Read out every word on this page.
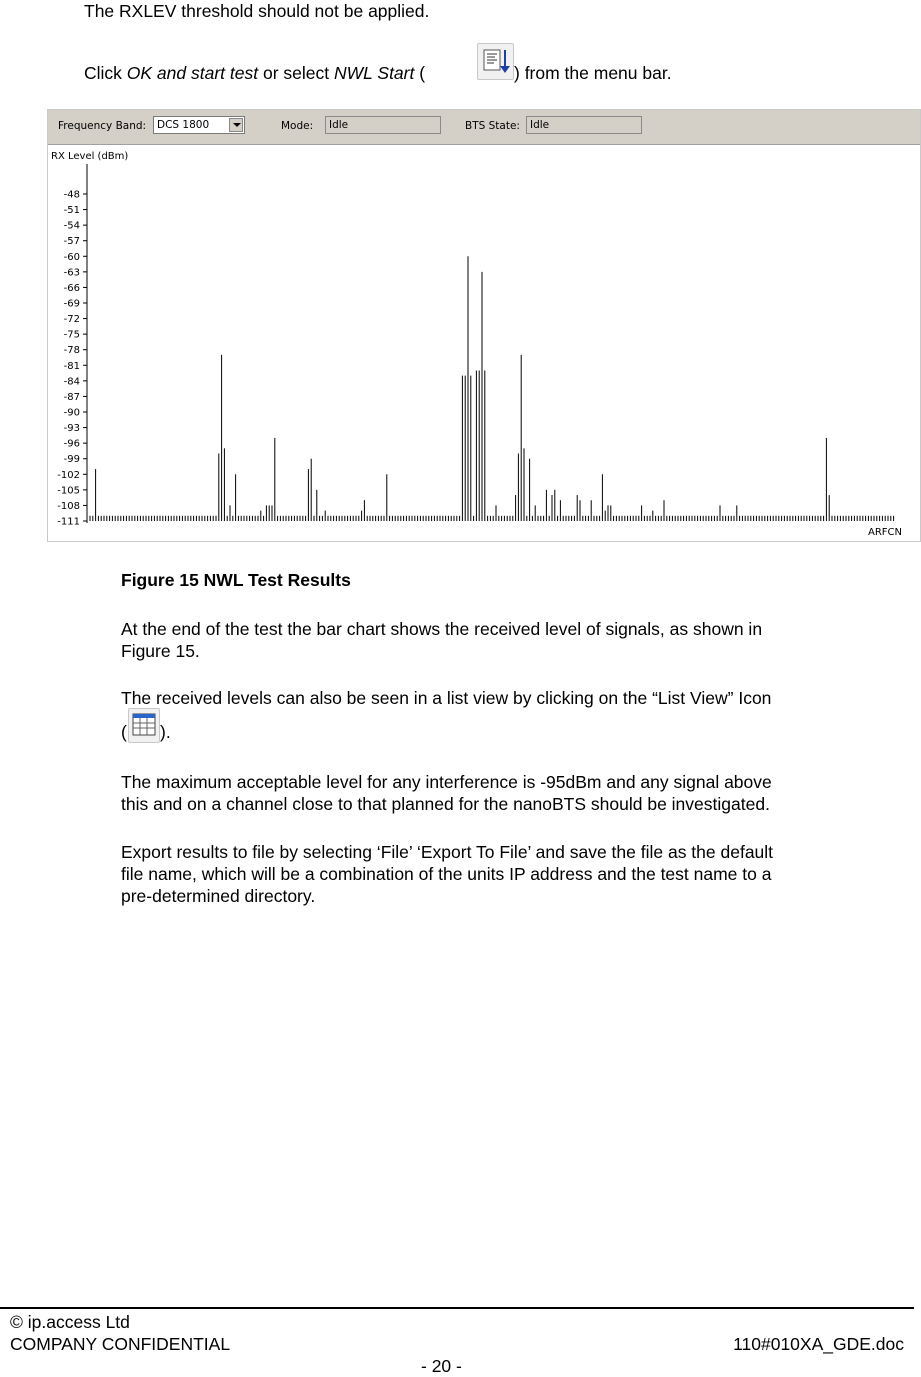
The RXLEV threshold should not be applied.

Click OK and start test or select NWL Start (	) from the menu bar.

Frequency Band:	DCS 1800	Mode:	Idle	BTS State: Idle
RX Level (dBm)
ARFCN
-48
-51
-54
-57
-60
-63
-66
-69
-72
-75
-78
-81
-84
-87
-90
-93
-96
-99
-102
-105
-108
-111

Figure 15 NWL Test Results

At the end of the test the bar chart shows the received level of signals, as shown in
Figure 15.
The received levels can also be seen in a list view by clicking on the “List View” Icon
( ).
The maximum acceptable level for any interference is -95dBm and any signal above
this and on a channel close to that planned for the nanoBTS should be investigated.
Export results to file by selecting ‘File’ ‘Export To File’ and save the file as the default
file name, which will be a combination of the units IP address and the test name to a
pre-determined directory.
© ip.access Ltd
COMPANY CONFIDENTIAL	110#010XA_GDE.doc
- 20 -
